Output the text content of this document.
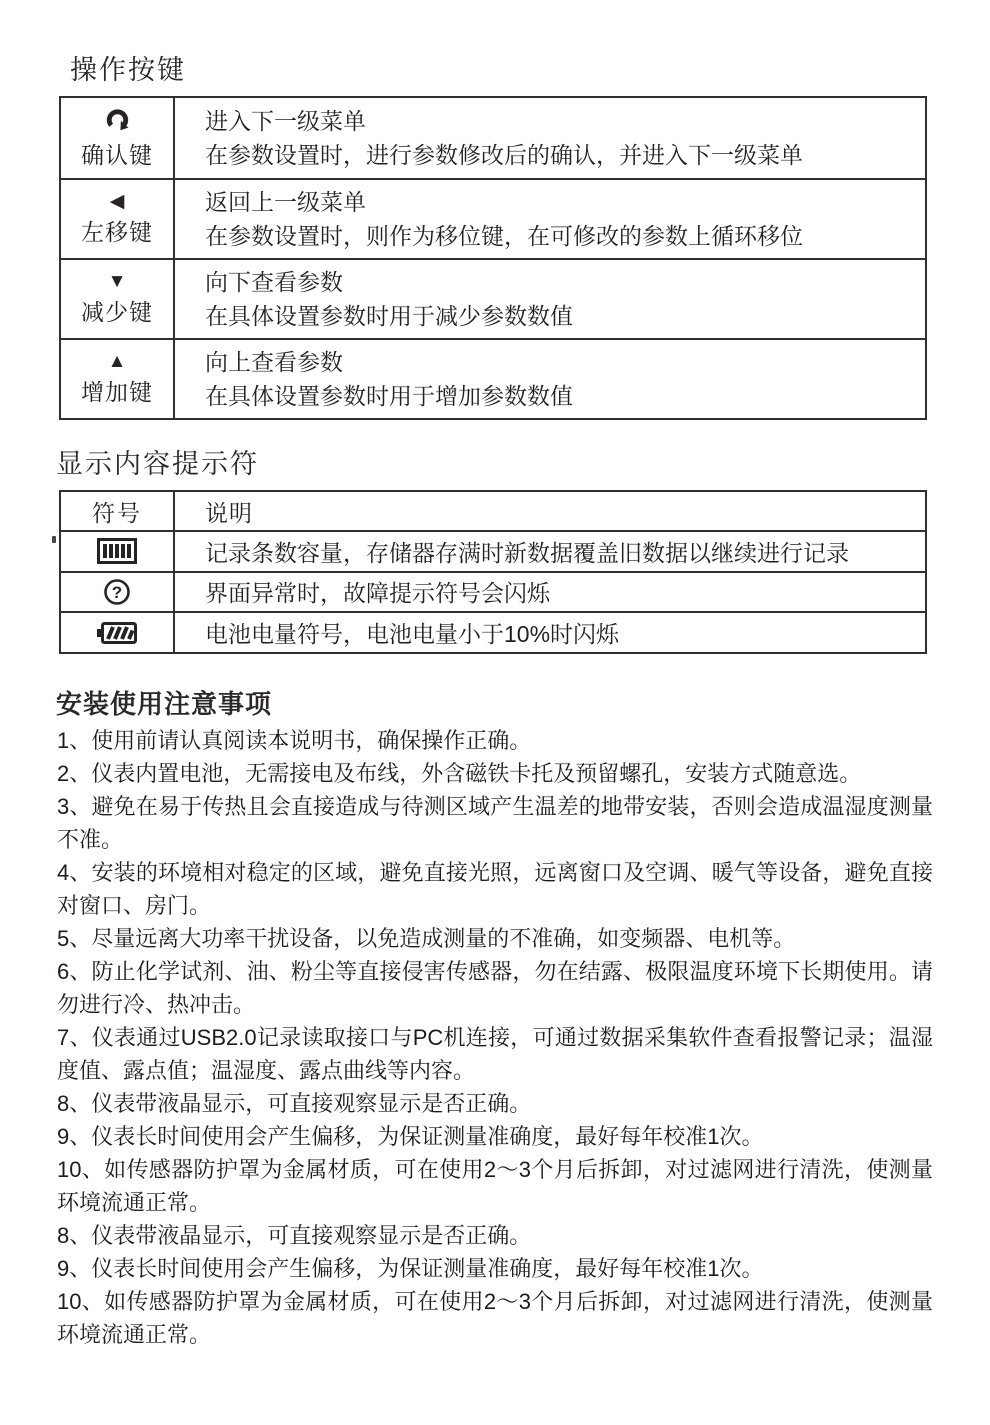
操作按键
确认键
进入下一级菜单
在参数设置时，进行参数修改后的确认，并进入下一级菜单
◀
左移键
返回上一级菜单
在参数设置时，则作为移位键，在可修改的参数上循环移位
▼
减少键
向下查看参数
在具体设置参数时用于减少参数数值
▲
增加键
向上查看参数
在具体设置参数时用于增加参数数值
显示内容提示符
符号	说明
记录条数容量，存储器存满时新数据覆盖旧数据以继续进行记录
?	界面异常时，故障提示符号会闪烁
电池电量符号，电池电量小于10%时闪烁
安装使用注意事项

1、使用前请认真阅读本说明书，确保操作正确。

2、仪表内置电池，无需接电及布线，外含磁铁卡托及预留螺孔，安装方式随意选。

3、避免在易于传热且会直接造成与待测区域产生温差的地带安装，否则会造成温湿度测量不准。

4、安装的环境相对稳定的区域，避免直接光照，远离窗口及空调、暖气等设备，避免直接对窗口、房门。

5、尽量远离大功率干扰设备，以免造成测量的不准确，如变频器、电机等。

6、防止化学试剂、油、粉尘等直接侵害传感器，勿在结露、极限温度环境下长期使用。请勿进行冷、热冲击。

7、仪表通过USB2.0记录读取接口与PC机连接，可通过数据采集软件查看报警记录；温湿度值、露点值；温湿度、露点曲线等内容。

8、仪表带液晶显示，可直接观察显示是否正确。

9、仪表长时间使用会产生偏移，为保证测量准确度，最好每年校准1次。

10、如传感器防护罩为金属材质，可在使用2～3个月后拆卸，对过滤网进行清洗，使测量环境流通正常。

8、仪表带液晶显示，可直接观察显示是否正确。

9、仪表长时间使用会产生偏移，为保证测量准确度，最好每年校准1次。

10、如传感器防护罩为金属材质，可在使用2～3个月后拆卸，对过滤网进行清洗，使测量环境流通正常。
